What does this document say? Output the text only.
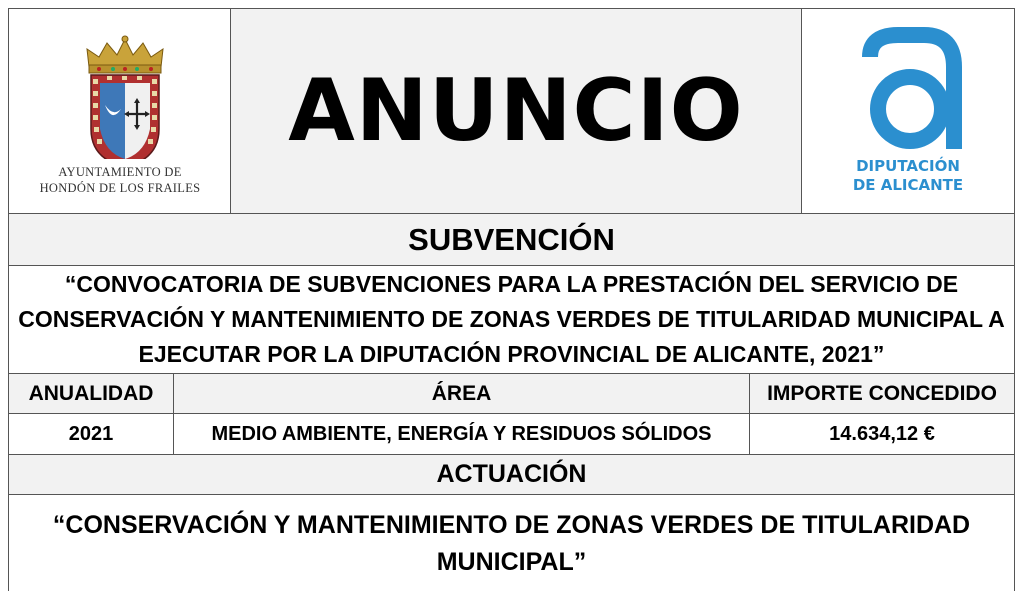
AYUNTAMIENTO DE
HONDÓN DE LOS FRAILES
ANUNCIO
DIPUTACIÓN
DE ALICANTE
SUBVENCIÓN
“CONVOCATORIA DE SUBVENCIONES PARA LA PRESTACIÓN DEL SERVICIO DE CONSERVACIÓN Y MANTENIMIENTO DE ZONAS VERDES DE TITULARIDAD MUNICIPAL A EJECUTAR POR LA DIPUTACIÓN PROVINCIAL DE ALICANTE, 2021”
ANUALIDAD	ÁREA	IMPORTE CONCEDIDO
2021	MEDIO AMBIENTE, ENERGÍA Y RESIDUOS SÓLIDOS	14.634,12 €
ACTUACIÓN
“CONSERVACIÓN Y MANTENIMIENTO DE ZONAS VERDES DE TITULARIDAD MUNICIPAL”
